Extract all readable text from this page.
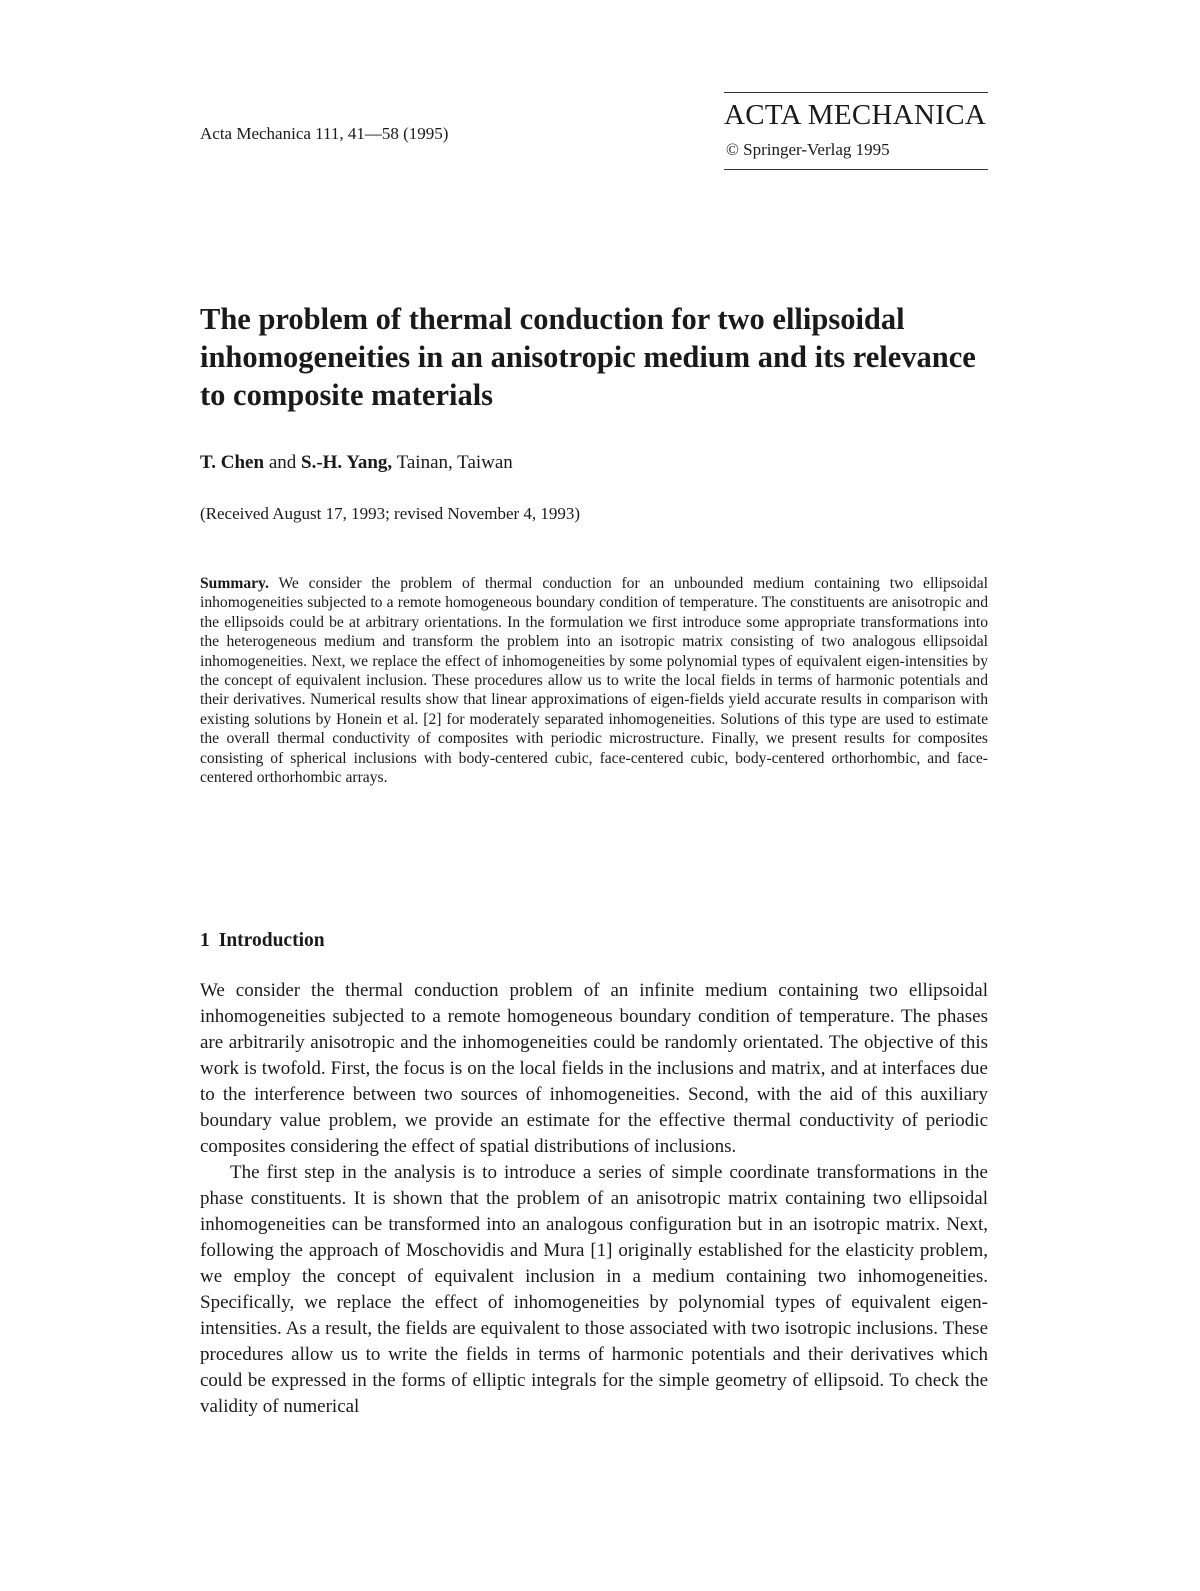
Acta Mechanica 111, 41—58 (1995)
ACTA MECHANICA
© Springer-Verlag 1995
The problem of thermal conduction for two ellipsoidal inhomogeneities in an anisotropic medium and its relevance to composite materials
T. Chen and S.-H. Yang, Tainan, Taiwan
(Received August 17, 1993; revised November 4, 1993)

Summary. We consider the problem of thermal conduction for an unbounded medium containing two ellipsoidal inhomogeneities subjected to a remote homogeneous boundary condition of temperature. The constituents are anisotropic and the ellipsoids could be at arbitrary orientations. In the formulation we first introduce some appropriate transformations into the heterogeneous medium and transform the problem into an isotropic matrix consisting of two analogous ellipsoidal inhomogeneities. Next, we replace the effect of inhomogeneities by some polynomial types of equivalent eigen-intensities by the concept of equivalent inclusion. These procedures allow us to write the local fields in terms of harmonic potentials and their derivatives. Numerical results show that linear approximations of eigen-fields yield accurate results in comparison with existing solutions by Honein et al. [2] for moderately separated inhomogeneities. Solutions of this type are used to estimate the overall thermal conductivity of composites with periodic microstructure. Finally, we present results for composites consisting of spherical inclusions with body-centered cubic, face-centered cubic, body-centered orthorhombic, and face-centered orthorhombic arrays.

1 Introduction

We consider the thermal conduction problem of an infinite medium containing two ellipsoidal inhomogeneities subjected to a remote homogeneous boundary condition of temperature. The phases are arbitrarily anisotropic and the inhomogeneities could be randomly orientated. The objective of this work is twofold. First, the focus is on the local fields in the inclusions and matrix, and at interfaces due to the interference between two sources of inhomogeneities. Second, with the aid of this auxiliary boundary value problem, we provide an estimate for the effective thermal conductivity of periodic composites considering the effect of spatial distributions of inclusions.

The first step in the analysis is to introduce a series of simple coordinate transformations in the phase constituents. It is shown that the problem of an anisotropic matrix containing two ellipsoidal inhomogeneities can be transformed into an analogous configuration but in an isotropic matrix. Next, following the approach of Moschovidis and Mura [1] originally established for the elasticity problem, we employ the concept of equivalent inclusion in a medium containing two inhomogeneities. Specifically, we replace the effect of inhomogeneities by polynomial types of equivalent eigen-intensities. As a result, the fields are equivalent to those associated with two isotropic inclusions. These procedures allow us to write the fields in terms of harmonic potentials and their derivatives which could be expressed in the forms of elliptic integrals for the simple geometry of ellipsoid. To check the validity of numerical
